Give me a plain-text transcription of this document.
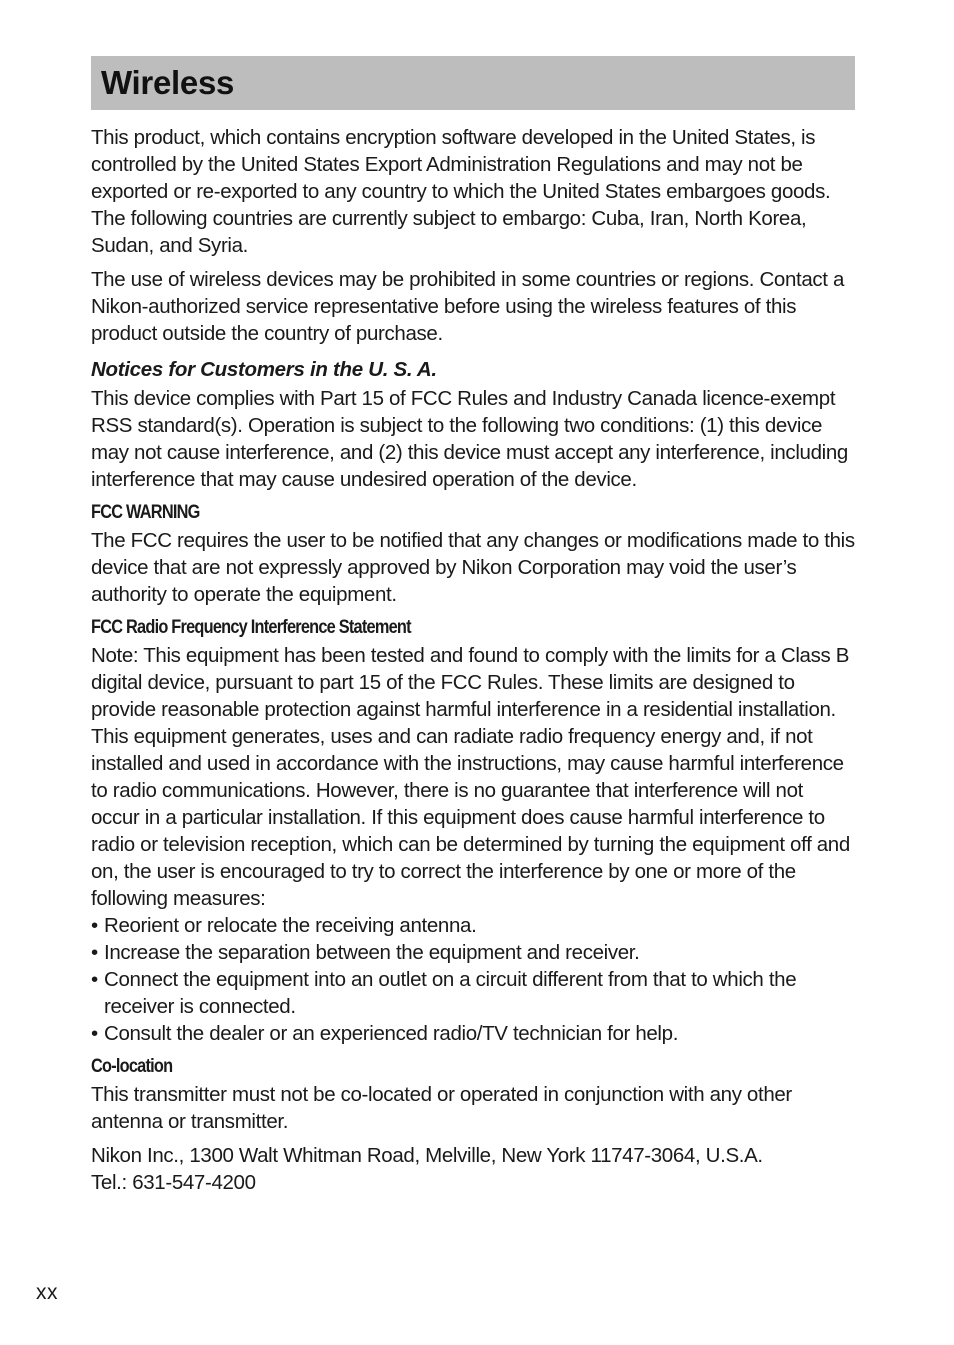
Wireless

This product, which contains encryption software developed in the United States, is controlled by the United States Export Administration Regulations and may not be exported or re-exported to any country to which the United States embargoes goods. The following countries are currently subject to embargo: Cuba, Iran, North Korea, Sudan, and Syria.

The use of wireless devices may be prohibited in some countries or regions. Contact a Nikon-authorized service representative before using the wireless features of this product outside the country of purchase.

Notices for Customers in the U. S. A.

This device complies with Part 15 of FCC Rules and Industry Canada licence-exempt RSS standard(s). Operation is subject to the following two conditions: (1) this device may not cause interference, and (2) this device must accept any interference, including interference that may cause undesired operation of the device.

FCC WARNING

The FCC requires the user to be notified that any changes or modifications made to this device that are not expressly approved by Nikon Corporation may void the user’s authority to operate the equipment.

FCC Radio Frequency Interference Statement

Note: This equipment has been tested and found to comply with the limits for a Class B digital device, pursuant to part 15 of the FCC Rules. These limits are designed to provide reasonable protection against harmful interference in a residential installation. This equipment generates, uses and can radiate radio frequency energy and, if not installed and used in accordance with the instructions, may cause harmful interference to radio communications. However, there is no guarantee that interference will not occur in a particular installation. If this equipment does cause harmful interference to radio or television reception, which can be determined by turning the equipment off and on, the user is encouraged to try to correct the interference by one or more of the following measures:

• Reorient or relocate the receiving antenna.
• Increase the separation between the equipment and receiver.
• Connect the equipment into an outlet on a circuit different from that to which the receiver is connected.
• Consult the dealer or an experienced radio/TV technician for help.
Co-location

This transmitter must not be co-located or operated in conjunction with any other antenna or transmitter.

Nikon Inc., 1300 Walt Whitman Road, Melville, New York 11747-3064, U.S.A.
Tel.: 631-547-4200

xx
